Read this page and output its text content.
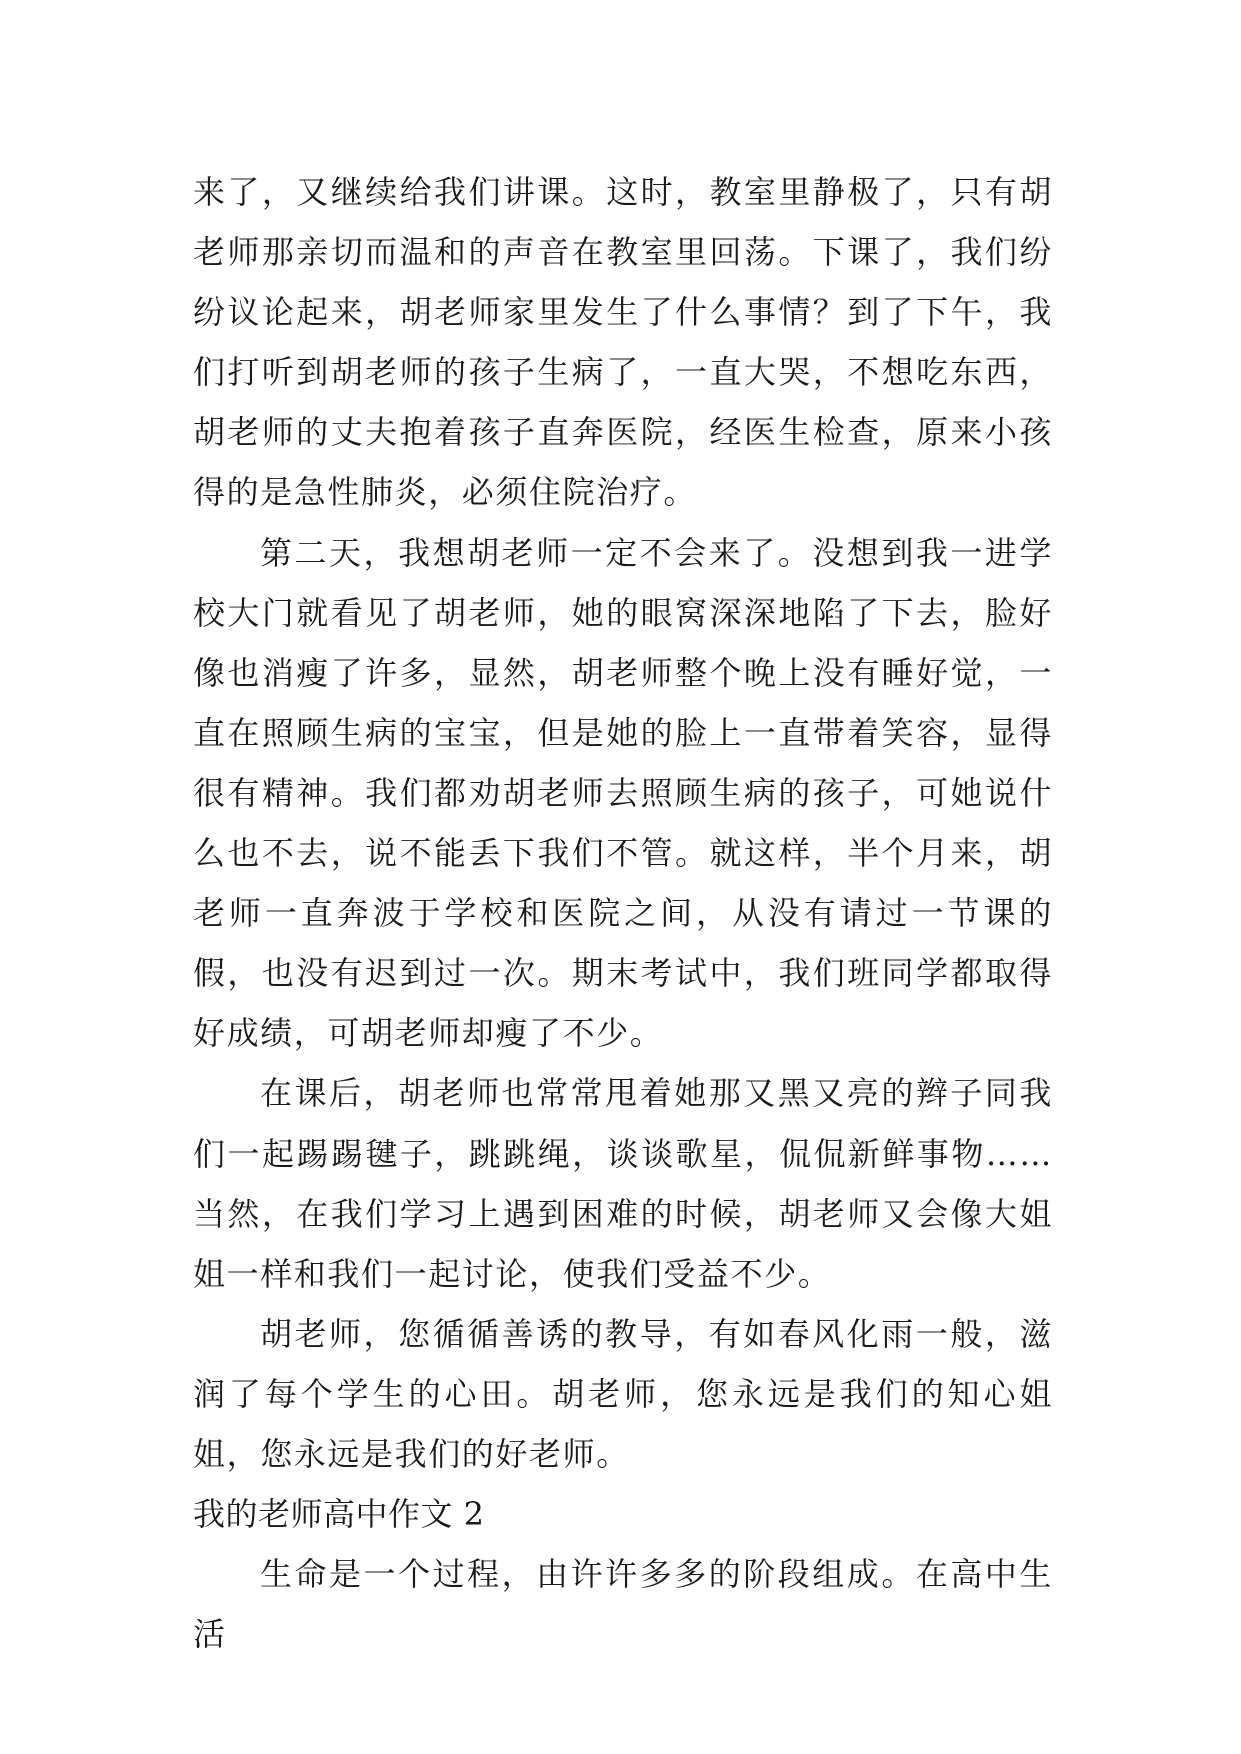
来了，又继续给我们讲课。这时，教室里静极了，只有胡老师那亲切而温和的声音在教室里回荡。下课了，我们纷纷议论起来，胡老师家里发生了什么事情？到了下午，我们打听到胡老师的孩子生病了，一直大哭，不想吃东西，胡老师的丈夫抱着孩子直奔医院，经医生检查，原来小孩得的是急性肺炎，必须住院治疗。

第二天，我想胡老师一定不会来了。没想到我一进学校大门就看见了胡老师，她的眼窝深深地陷了下去，脸好像也消瘦了许多，显然，胡老师整个晚上没有睡好觉，一直在照顾生病的宝宝，但是她的脸上一直带着笑容，显得很有精神。我们都劝胡老师去照顾生病的孩子，可她说什么也不去，说不能丢下我们不管。就这样，半个月来，胡老师一直奔波于学校和医院之间，从没有请过一节课的假，也没有迟到过一次。期末考试中，我们班同学都取得好成绩，可胡老师却瘦了不少。

在课后，胡老师也常常甩着她那又黑又亮的辫子同我们一起踢踢毽子，跳跳绳，谈谈歌星，侃侃新鲜事物……当然，在我们学习上遇到困难的时候，胡老师又会像大姐姐一样和我们一起讨论，使我们受益不少。

胡老师，您循循善诱的教导，有如春风化雨一般，滋润了每个学生的心田。胡老师，您永远是我们的知心姐姐，您永远是我们的好老师。

我的老师高中作文 2

生命是一个过程，由许许多多的阶段组成。在高中生活
